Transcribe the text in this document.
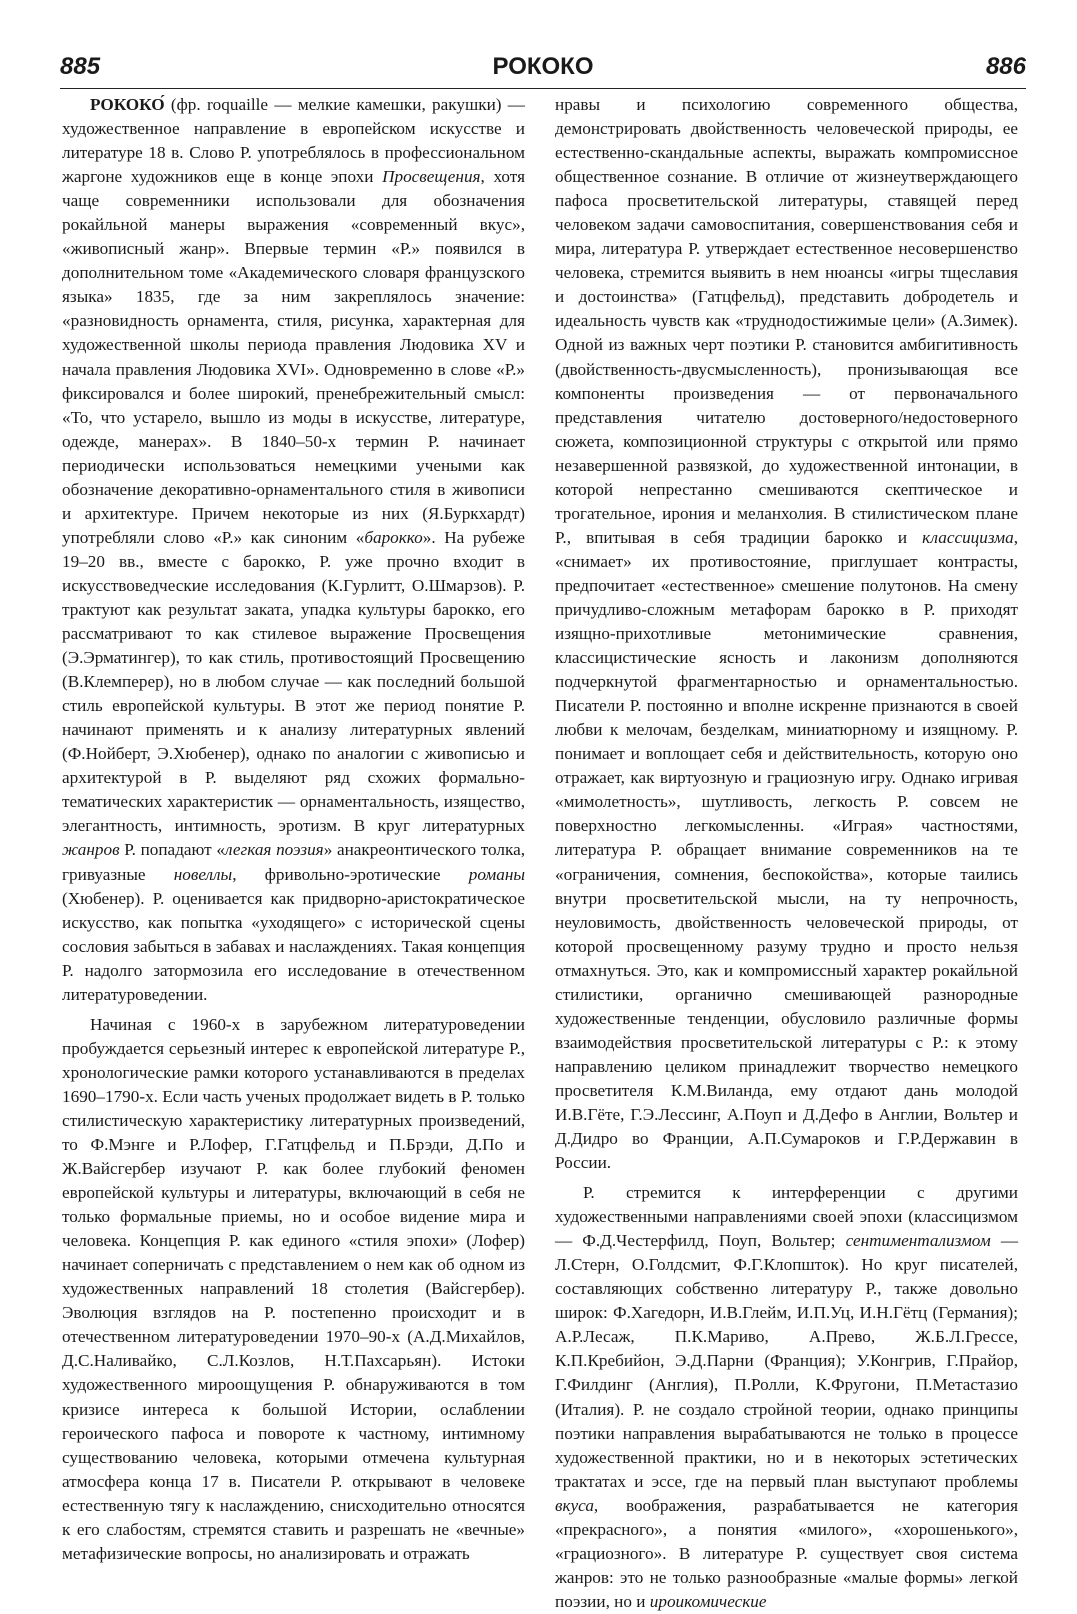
885	РОКОКО	886

РОКОКО́ (фр. roquaille — мелкие камешки, ракушки) — художественное направление в европейском искусстве и литературе 18 в. Слово Р. употреблялось в профессиональном жаргоне художников еще в конце эпохи Просвещения, хотя чаще современники использовали для обозначения рокайльной манеры выражения «современный вкус», «живописный жанр». Впервые термин «Р.» появился в дополнительном томе «Академического словаря французского языка» 1835, где за ним закреплялось значение: «разновидность орнамента, стиля, рисунка, характерная для художественной школы периода правления Людовика XV и начала правления Людовика XVI». Одновременно в слове «Р.» фиксировался и более широкий, пренебрежительный смысл: «То, что устарело, вышло из моды в искусстве, литературе, одежде, манерах». В 1840–50-х термин Р. начинает периодически использоваться немецкими учеными как обозначение декоративно-орнаментального стиля в живописи и архитектуре. Причем некоторые из них (Я.Буркхардт) употребляли слово «Р.» как синоним «барокко». На рубеже 19–20 вв., вместе с барокко, Р. уже прочно входит в искусствоведческие исследования (К.Гурлитт, О.Шмарзов). Р. трактуют как результат заката, упадка культуры барокко, его рассматривают то как стилевое выражение Просвещения (Э.Эрматингер), то как стиль, противостоящий Просвещению (В.Клемперер), но в любом случае — как последний большой стиль европейской культуры. В этот же период понятие Р. начинают применять и к анализу литературных явлений (Ф.Нойберт, Э.Хюбенер), однако по аналогии с живописью и архитектурой в Р. выделяют ряд схожих формально-тематических характеристик — орнаментальность, изящество, элегантность, интимность, эротизм. В круг литературных жанров Р. попадают «легкая поэзия» анакреонтического толка, гривуазные новеллы, фривольно-эротические романы (Хюбенер). Р. оценивается как придворно-аристократическое искусство, как попытка «уходящего» с исторической сцены сословия забыться в забавах и наслаждениях. Такая концепция Р. надолго затормозила его исследование в отечественном литературоведении.

Начиная с 1960-х в зарубежном литературоведении пробуждается серьезный интерес к европейской литературе Р., хронологические рамки которого устанавливаются в пределах 1690–1790-х. Если часть ученых продолжает видеть в Р. только стилистическую характеристику литературных произведений, то Ф.Мэнге и Р.Лофер, Г.Гатцфельд и П.Брэди, Д.По и Ж.Вайсгербер изучают Р. как более глубокий феномен европейской культуры и литературы, включающий в себя не только формальные приемы, но и особое видение мира и человека. Концепция Р. как единого «стиля эпохи» (Лофер) начинает соперничать с представлением о нем как об одном из художественных направлений 18 столетия (Вайсгербер). Эволюция взглядов на Р. постепенно происходит и в отечественном литературоведении 1970–90-х (А.Д.Михайлов, Д.С.Наливайко, С.Л.Козлов, Н.Т.Пахсарьян). Истоки художественного мироощущения Р. обнаруживаются в том кризисе интереса к большой Истории, ослаблении героического пафоса и повороте к частному, интимному существованию человека, которыми отмечена культурная атмосфера конца 17 в. Писатели Р. открывают в человеке естественную тягу к наслаждению, снисходительно относятся к его слабостям, стремятся ставить и разрешать не «вечные» метафизические вопросы, но анализировать и отражать

нравы и психологию современного общества, демонстрировать двойственность человеческой природы, ее естественно-скандальные аспекты, выражать компромиссное общественное сознание. В отличие от жизнеутверждающего пафоса просветительской литературы, ставящей перед человеком задачи самовоспитания, совершенствования себя и мира, литература Р. утверждает естественное несовершенство человека, стремится выявить в нем нюансы «игры тщеславия и достоинства» (Гатцфельд), представить добродетель и идеальность чувств как «труднодостижимые цели» (А.Зимек). Одной из важных черт поэтики Р. становится амбигитивность (двойственность-двусмысленность), пронизывающая все компоненты произведения — от первоначального представления читателю достоверного/недостоверного сюжета, композиционной структуры с открытой или прямо незавершенной развязкой, до художественной интонации, в которой непрестанно смешиваются скептическое и трогательное, ирония и меланхолия. В стилистическом плане Р., впитывая в себя традиции барокко и классицизма, «снимает» их противостояние, приглушает контрасты, предпочитает «естественное» смешение полутонов. На смену причудливо-сложным метафорам барокко в Р. приходят изящно-прихотливые метонимические сравнения, классицистические ясность и лаконизм дополняются подчеркнутой фрагментарностью и орнаментальностью. Писатели Р. постоянно и вполне искренне признаются в своей любви к мелочам, безделкам, миниатюрному и изящному. Р. понимает и воплощает себя и действительность, которую оно отражает, как виртуозную и грациозную игру. Однако игривая «мимолетность», шутливость, легкость Р. совсем не поверхностно легкомысленны. «Играя» частностями, литература Р. обращает внимание современников на те «ограничения, сомнения, беспокойства», которые таились внутри просветительской мысли, на ту непрочность, неуловимость, двойственность человеческой природы, от которой просвещенному разуму трудно и просто нельзя отмахнуться. Это, как и компромиссный характер рокайльной стилистики, органично смешивающей разнородные художественные тенденции, обусловило различные формы взаимодействия просветительской литературы с Р.: к этому направлению целиком принадлежит творчество немецкого просветителя К.М.Виланда, ему отдают дань молодой И.В.Гёте, Г.Э.Лессинг, А.Поуп и Д.Дефо в Англии, Вольтер и Д.Дидро во Франции, А.П.Сумароков и Г.Р.Державин в России.

Р. стремится к интерференции с другими художественными направлениями своей эпохи (классицизмом — Ф.Д.Честерфилд, Поуп, Вольтер; сентиментализмом — Л.Стерн, О.Голдсмит, Ф.Г.Клопшток). Но круг писателей, составляющих собственно литературу Р., также довольно широк: Ф.Хагедорн, И.В.Глейм, И.П.Уц, И.Н.Гётц (Германия); А.Р.Лесаж, П.К.Мариво, А.Прево, Ж.Б.Л.Грессе, К.П.Кребийон, Э.Д.Парни (Франция); У.Конгрив, Г.Прайор, Г.Филдинг (Англия), П.Ролли, К.Фругони, П.Метастазио (Италия). Р. не создало стройной теории, однако принципы поэтики направления вырабатываются не только в процессе художественной практики, но и в некоторых эстетических трактатах и эссе, где на первый план выступают проблемы вкуса, воображения, разрабатывается не категория «прекрасного», а понятия «милого», «хорошенького», «грациозного». В литературе Р. существует своя система жанров: это не только разнообразные «малые формы» легкой поэзии, но и ироикомические
